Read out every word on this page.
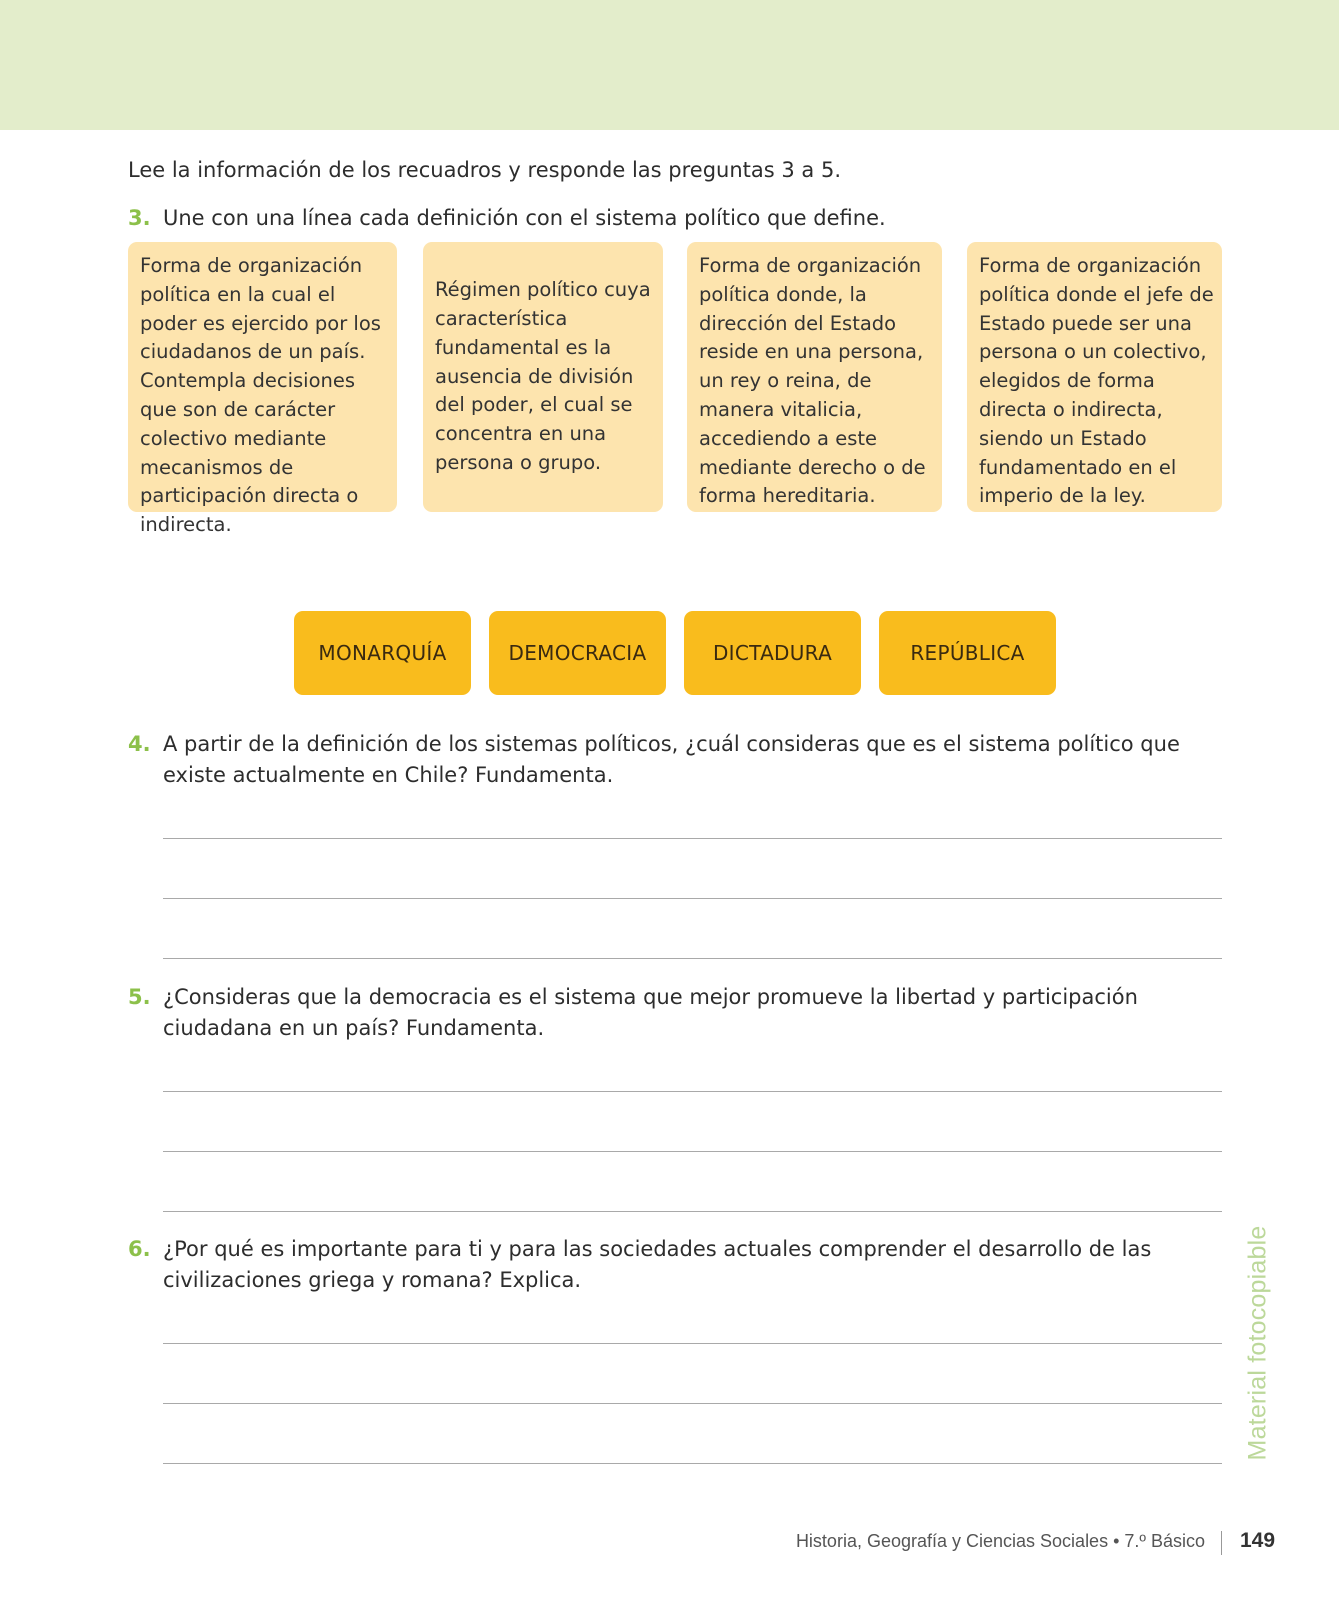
Lee la información de los recuadros y responde las preguntas 3 a 5.

3. Une con una línea cada definición con el sistema político que define.
Forma de organización política en la cual el poder es ejercido por los ciudadanos de un país. Contempla decisiones que son de carácter colectivo mediante mecanismos de participación directa o indirecta.
Régimen político cuya característica fundamental es la ausencia de división del poder, el cual se concentra en una persona o grupo.
Forma de organización política donde, la dirección del Estado reside en una persona, un rey o reina, de manera vitalicia, accediendo a este mediante derecho o de forma hereditaria.
Forma de organización política donde el jefe de Estado puede ser una persona o un colectivo, elegidos de forma directa o indirecta, siendo un Estado fundamentado en el imperio de la ley.
MONARQUÍA	DEMOCRACIA	DICTADURA	REPÚBLICA
4. A partir de la definición de los sistemas políticos, ¿cuál consideras que es el sistema político que existe actualmente en Chile? Fundamenta.
5. ¿Consideras que la democracia es el sistema que mejor promueve la libertad y participación ciudadana en un país? Fundamenta.
6. ¿Por qué es importante para ti y para las sociedades actuales comprender el desarrollo de las civilizaciones griega y romana? Explica.	Material fotocopiable
Historia, Geografía y Ciencias Sociales • 7.º Básico 149
